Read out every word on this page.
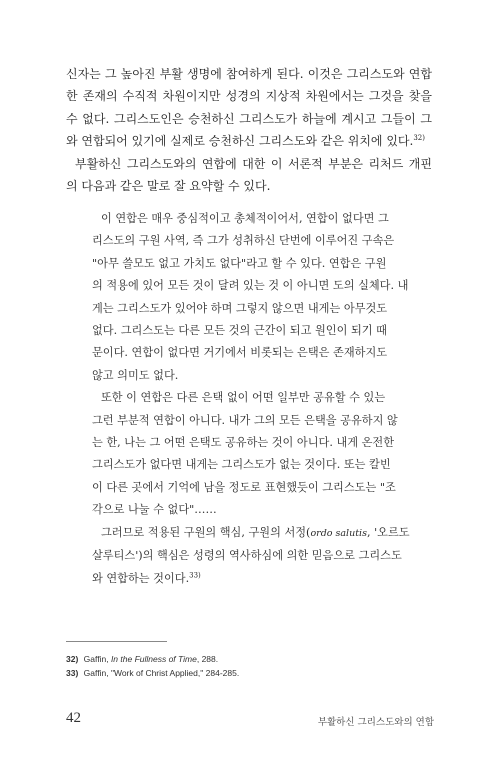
신자는 그 높아진 부활 생명에 참여하게 된다. 이것은 그리스도와 연합
한 존재의 수직적 차원이지만 성경의 지상적 차원에서는 그것을 찾을
수 없다. 그리스도인은 승천하신 그리스도가 하늘에 계시고 그들이 그
와 연합되어 있기에 실제로 승천하신 그리스도와 같은 위치에 있다.$^{32)}$
부활하신 그리스도와의 연합에 대한 이 서론적 부분은 리처드 개핀
의 다음과 같은 말로 잘 요약할 수 있다.
이 연합은 매우 중심적이고 총체적이어서, 연합이 없다면 그
리스도의 구원 사역, 즉 그가 성취하신 단번에 이루어진 구속은
"아무 쓸모도 없고 가치도 없다"라고 할 수 있다. 연합은 구원
의 적용에 있어 모든 것이 달려 있는 것 이 아니면 도의 실체다. 내
게는 그리스도가 있어야 하며 그렇지 않으면 내게는 아무것도
없다. 그리스도는 다른 모든 것의 근간이 되고 원인이 되기 때
문이다. 연합이 없다면 거기에서 비롯되는 은택은 존재하지도
않고 의미도 없다.
또한 이 연합은 다른 은택 없이 어떤 일부만 공유할 수 있는
그런 부분적 연합이 아니다. 내가 그의 모든 은택을 공유하지 않
는 한, 나는 그 어떤 은택도 공유하는 것이 아니다. 내게 온전한
그리스도가 없다면 내게는 그리스도가 없는 것이다. 또는 칼빈
이 다른 곳에서 기억에 남을 정도로 표현했듯이 그리스도는 "조
각으로 나눌 수 없다"……
그러므로 적용된 구원의 핵심, 구원의 서정(ordo salutis, '오르도
살루티스')의 핵심은 성령의 역사하심에 의한 믿음으로 그리스도
와 연합하는 것이다.$^{33)}$
32) Gaffin, In the Fullness of Time, 288.
33) Gaffin, "Work of Christ Applied," 284-285.
42	부활하신 그리스도와의 연합
